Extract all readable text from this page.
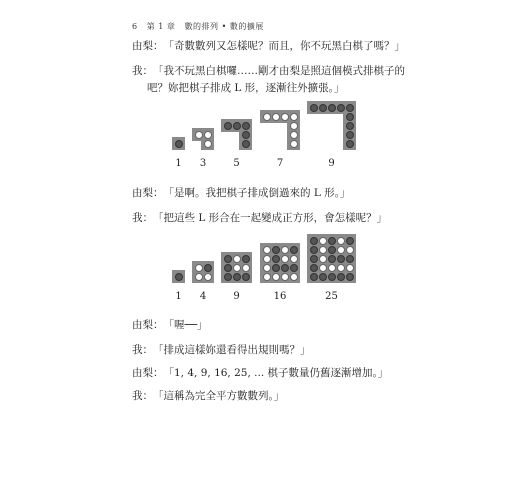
6 第 1 章 數的排列 • 數的擴展
由梨：「奇數數列又怎樣呢？而且，你不玩黑白棋了嗎？」
我：「我不玩黑白棋囉……剛才由梨是照這個模式排棋子的
吧？妳把棋子排成 L 形，逐漸往外擴張。」
1	3	5	7	9
由梨：「是啊。我把棋子排成倒過來的 L 形。」
我：「把這些 L 形合在一起變成正方形，會怎樣呢？」
1	4	9	16	25
由梨：「喔──」
我：「排成這樣妳還看得出規則嗎？」
由梨：「1, 4, 9, 16, 25, ... 棋子數量仍舊逐漸增加。」
我：「這稱為完全平方數數列。」
